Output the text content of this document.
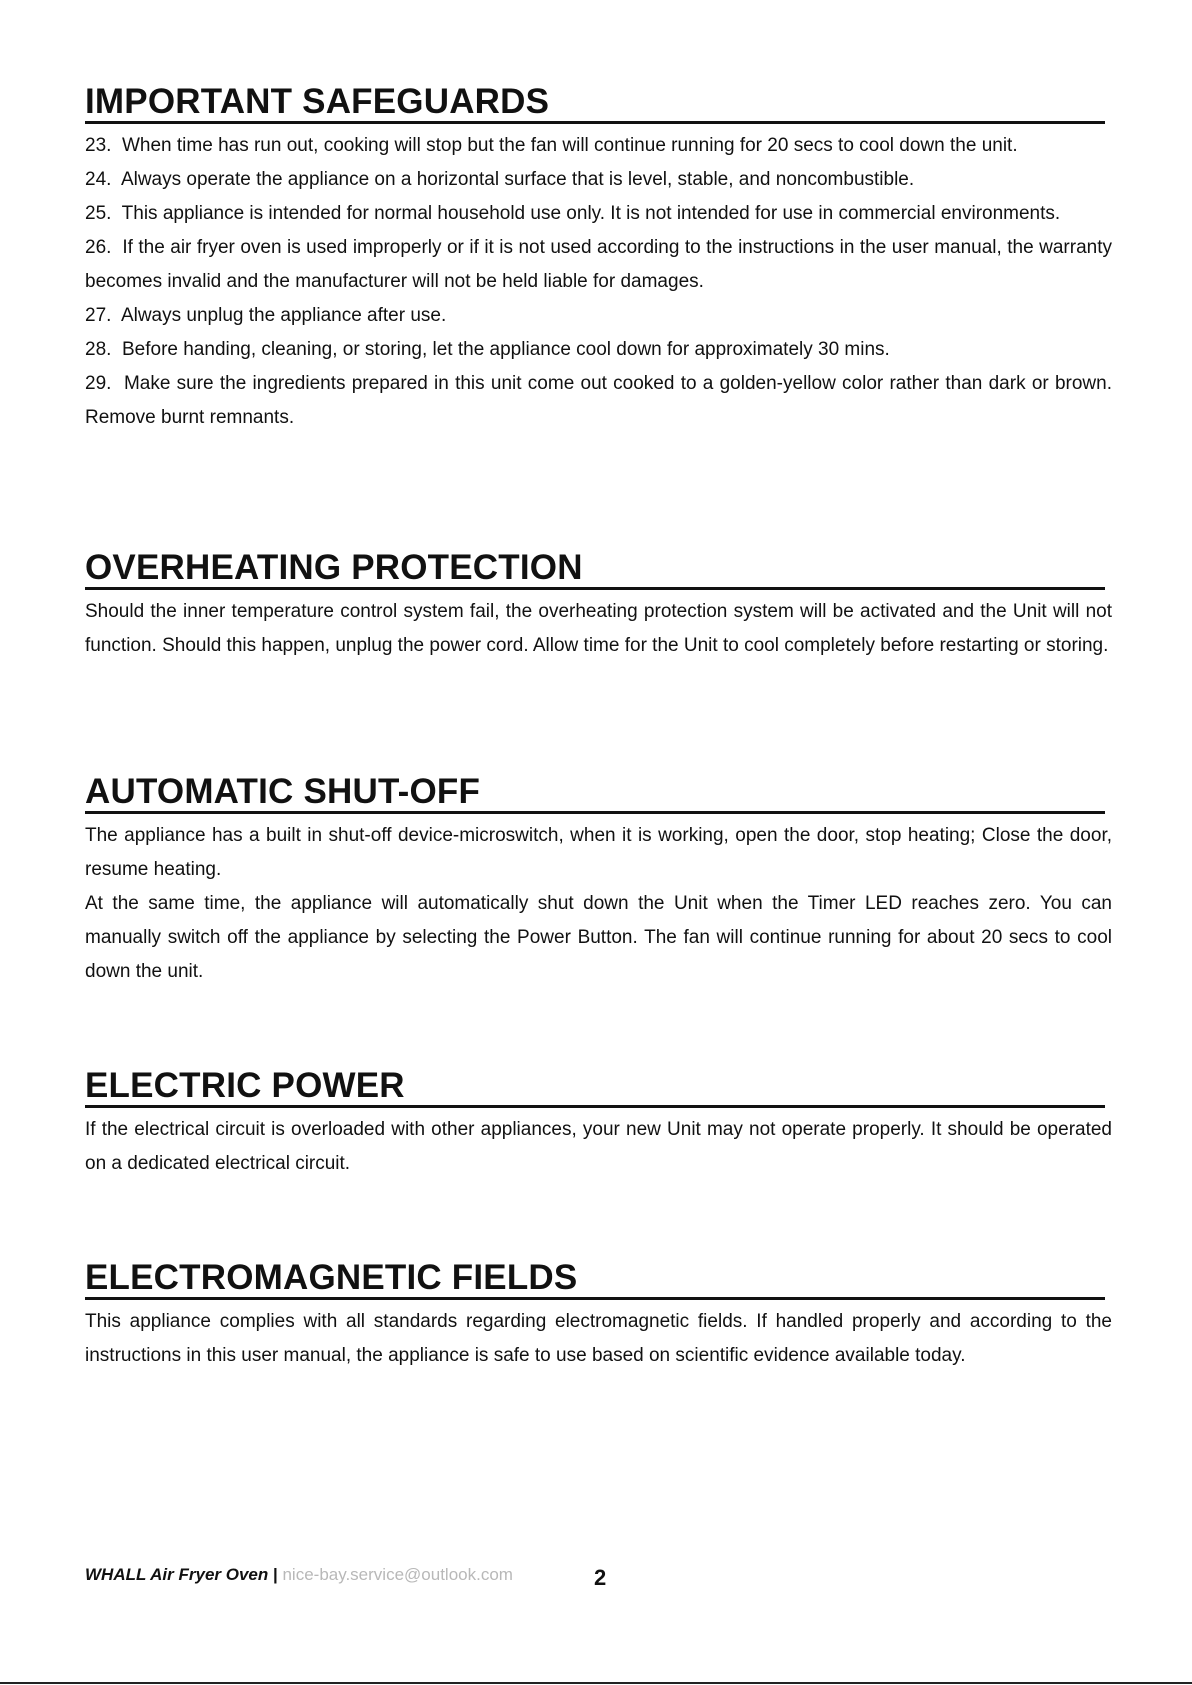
IMPORTANT SAFEGUARDS

23. When time has run out, cooking will stop but the fan will continue running for 20 secs to cool down the unit.

24. Always operate the appliance on a horizontal surface that is level, stable, and noncombustible.

25. This appliance is intended for normal household use only. It is not intended for use in commercial environments.

26. If the air fryer oven is used improperly or if it is not used according to the instructions in the user manual, the warranty becomes invalid and the manufacturer will not be held liable for damages.

27. Always unplug the appliance after use.

28. Before handing, cleaning, or storing, let the appliance cool down for approximately 30 mins.

29. Make sure the ingredients prepared in this unit come out cooked to a golden-yellow color rather than dark or brown. Remove burnt remnants.

OVERHEATING PROTECTION

Should the inner temperature control system fail, the overheating protection system will be activated and the Unit will not function. Should this happen, unplug the power cord. Allow time for the Unit to cool completely before restarting or storing.

AUTOMATIC SHUT-OFF

The appliance has a built in shut-off device-microswitch, when it is working, open the door, stop heating; Close the door, resume heating.

At the same time, the appliance will automatically shut down the Unit when the Timer LED reaches zero. You can manually switch off the appliance by selecting the Power Button. The fan will continue running for about 20 secs to cool down the unit.

ELECTRIC POWER

If the electrical circuit is overloaded with other appliances, your new Unit may not operate properly. It should be operated on a dedicated electrical circuit.

ELECTROMAGNETIC FIELDS

This appliance complies with all standards regarding electromagnetic fields. If handled properly and according to the instructions in this user manual, the appliance is safe to use based on scientific evidence available today.

WHALL Air Fryer Oven | nice-bay.service@outlook.com	2
